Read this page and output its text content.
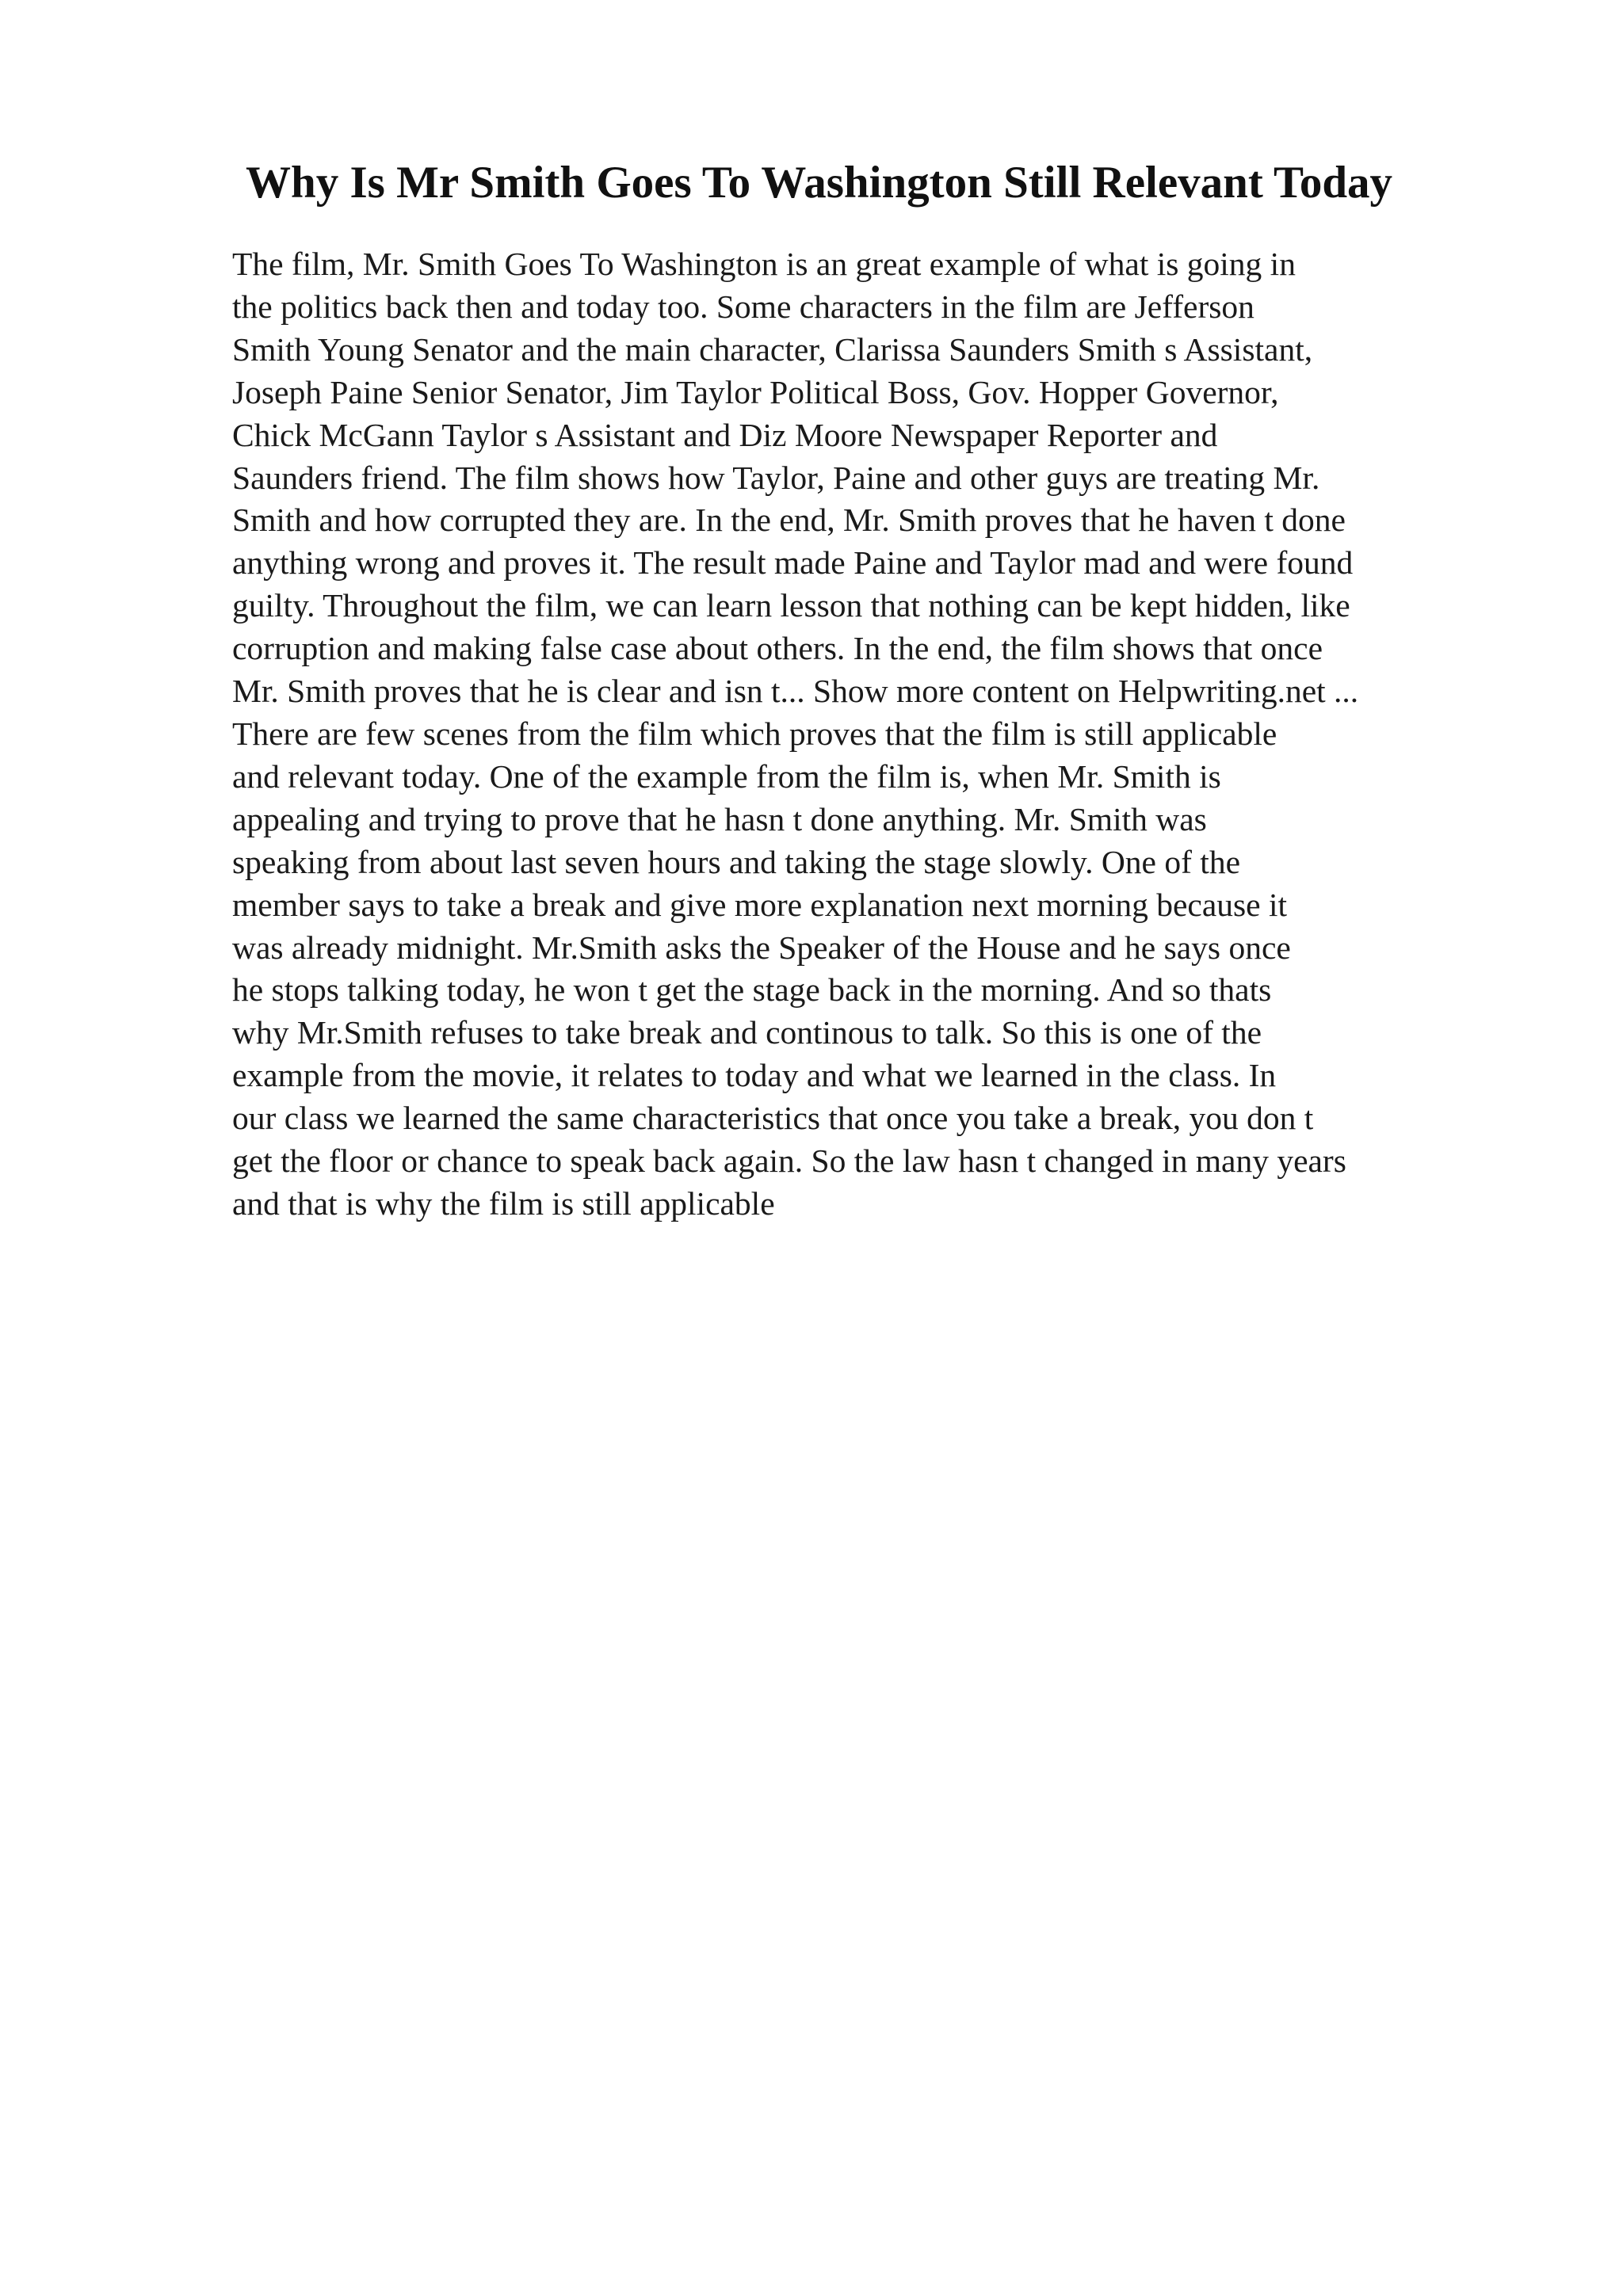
Why Is Mr Smith Goes To Washington Still Relevant Today
The film, Mr. Smith Goes To Washington is an great example of what is going in
the politics back then and today too. Some characters in the film are Jefferson
Smith Young Senator and the main character, Clarissa Saunders Smith s Assistant,
Joseph Paine Senior Senator, Jim Taylor Political Boss, Gov. Hopper Governor,
Chick McGann Taylor s Assistant and Diz Moore Newspaper Reporter and
Saunders friend. The film shows how Taylor, Paine and other guys are treating Mr.
Smith and how corrupted they are. In the end, Mr. Smith proves that he haven t done
anything wrong and proves it. The result made Paine and Taylor mad and were found
guilty. Throughout the film, we can learn lesson that nothing can be kept hidden, like
corruption and making false case about others. In the end, the film shows that once
Mr. Smith proves that he is clear and isn t... Show more content on Helpwriting.net ...
There are few scenes from the film which proves that the film is still applicable
and relevant today. One of the example from the film is, when Mr. Smith is
appealing and trying to prove that he hasn t done anything. Mr. Smith was
speaking from about last seven hours and taking the stage slowly. One of the
member says to take a break and give more explanation next morning because it
was already midnight. Mr.Smith asks the Speaker of the House and he says once
he stops talking today, he won t get the stage back in the morning. And so thats
why Mr.Smith refuses to take break and continous to talk. So this is one of the
example from the movie, it relates to today and what we learned in the class. In
our class we learned the same characteristics that once you take a break, you don t
get the floor or chance to speak back again. So the law hasn t changed in many years
and that is why the film is still applicable
